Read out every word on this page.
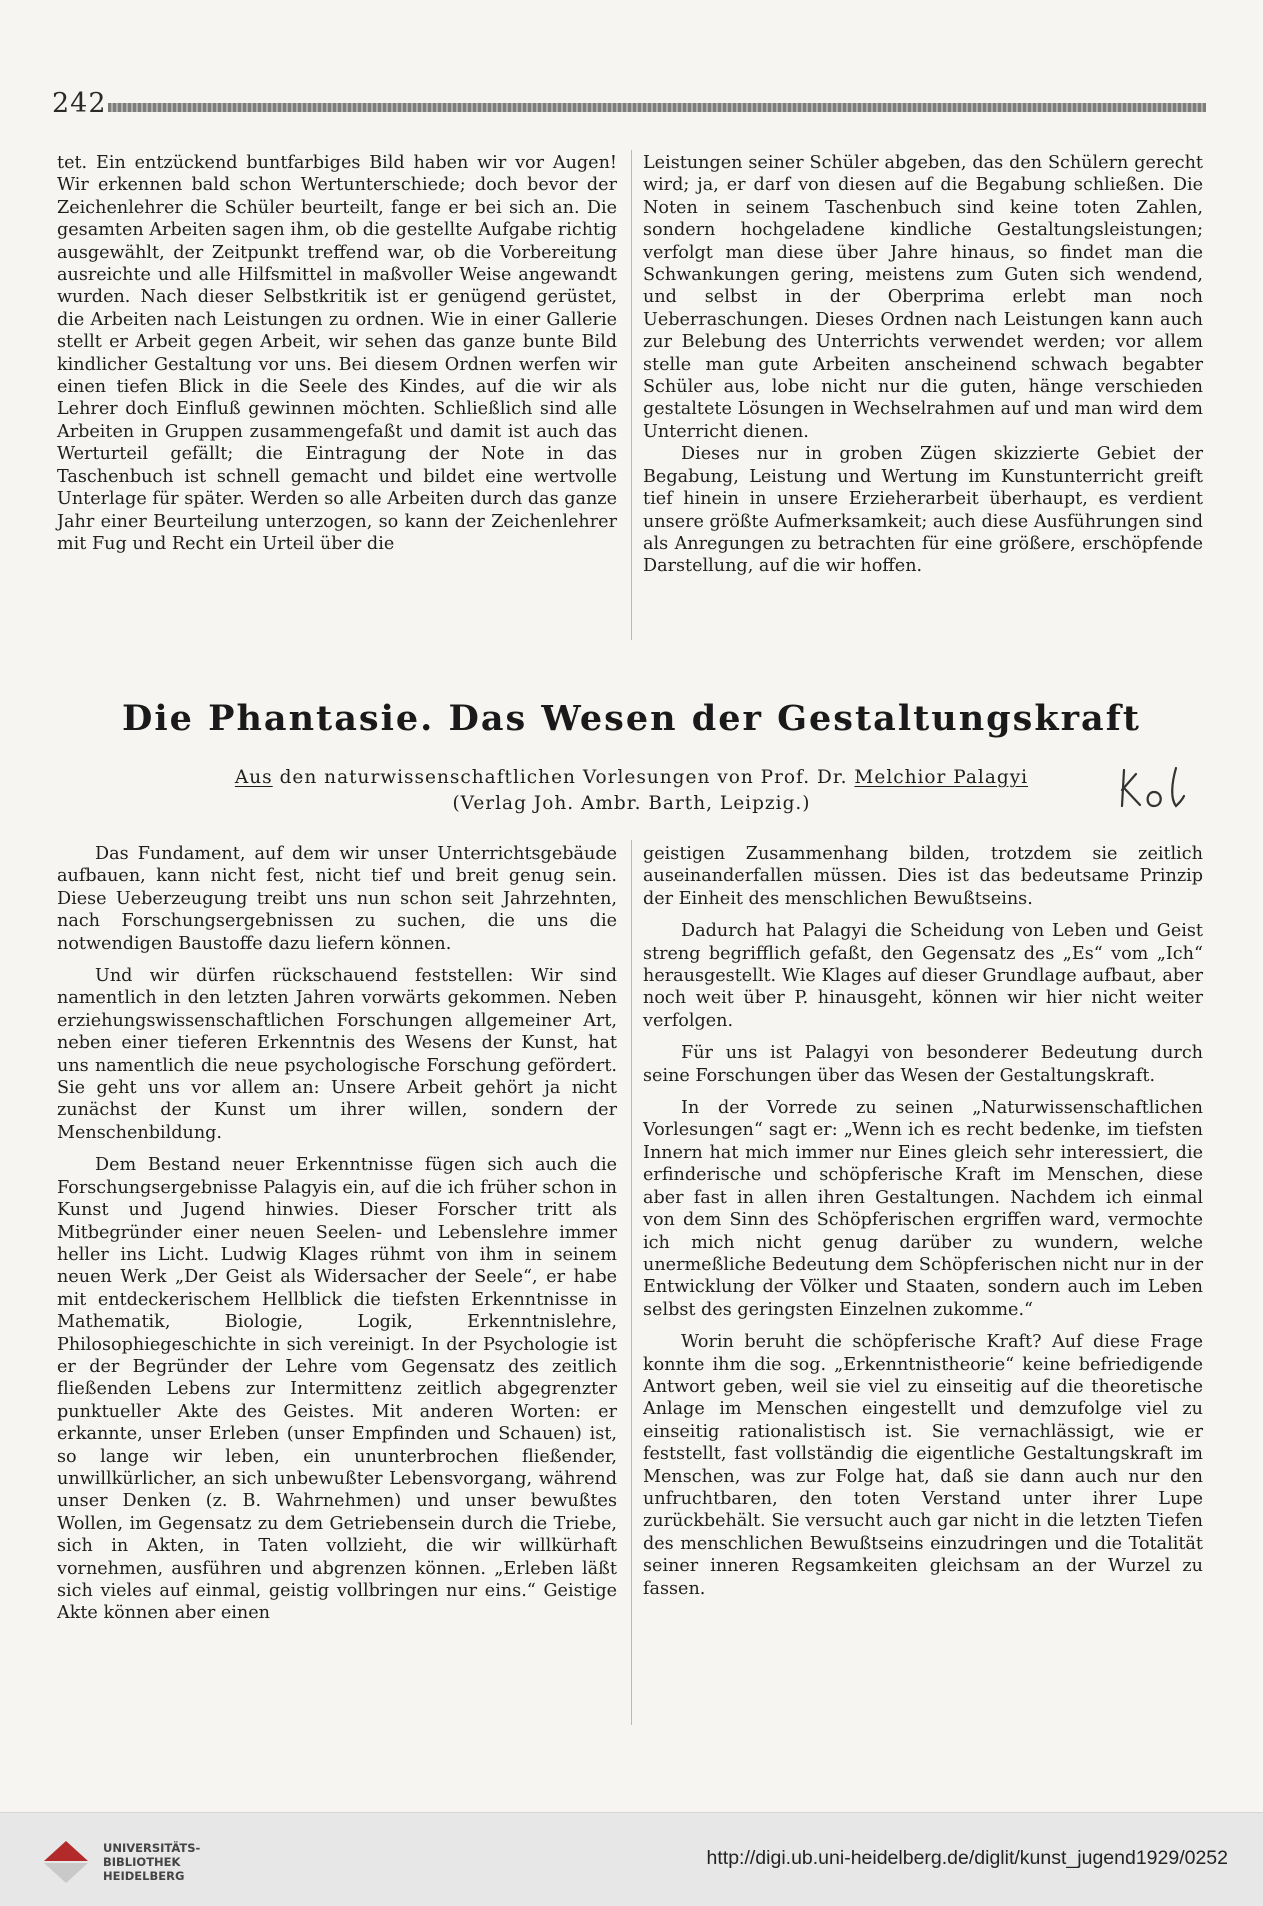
242

tet. Ein entzückend buntfarbiges Bild haben wir vor Augen! Wir erkennen bald schon Wertunterschiede; doch bevor der Zeichenlehrer die Schüler beurteilt, fange er bei sich an. Die gesamten Arbeiten sagen ihm, ob die gestellte Aufgabe richtig ausgewählt, der Zeitpunkt treffend war, ob die Vorbereitung ausreichte und alle Hilfsmittel in maßvoller Weise angewandt wurden. Nach dieser Selbstkritik ist er genügend gerüstet, die Arbeiten nach Leistungen zu ordnen. Wie in einer Gallerie stellt er Arbeit gegen Arbeit, wir sehen das ganze bunte Bild kindlicher Gestaltung vor uns. Bei diesem Ordnen werfen wir einen tiefen Blick in die Seele des Kindes, auf die wir als Lehrer doch Einfluß gewinnen möchten. Schließlich sind alle Arbeiten in Gruppen zusammengefaßt und damit ist auch das Werturteil gefällt; die Eintragung der Note in das Taschenbuch ist schnell gemacht und bildet eine wertvolle Unterlage für später. Werden so alle Arbeiten durch das ganze Jahr einer Beurteilung unterzogen, so kann der Zeichenlehrer mit Fug und Recht ein Urteil über die

Leistungen seiner Schüler abgeben, das den Schülern gerecht wird; ja, er darf von diesen auf die Begabung schließen. Die Noten in seinem Taschenbuch sind keine toten Zahlen, sondern hochgeladene kindliche Gestaltungsleistungen; verfolgt man diese über Jahre hinaus, so findet man die Schwankungen gering, meistens zum Guten sich wendend, und selbst in der Oberprima erlebt man noch Ueberraschungen. Dieses Ordnen nach Leistungen kann auch zur Belebung des Unterrichts verwendet werden; vor allem stelle man gute Arbeiten anscheinend schwach begabter Schüler aus, lobe nicht nur die guten, hänge verschieden gestaltete Lösungen in Wechselrahmen auf und man wird dem Unterricht dienen.

Dieses nur in groben Zügen skizzierte Gebiet der Begabung, Leistung und Wertung im Kunstunterricht greift tief hinein in unsere Erzieherarbeit überhaupt, es verdient unsere größte Aufmerksamkeit; auch diese Ausführungen sind als Anregungen zu betrachten für eine größere, erschöpfende Darstellung, auf die wir hoffen.

Die Phantasie. Das Wesen der Gestaltungskraft
Aus den naturwissenschaftlichen Vorlesungen von Prof. Dr. Melchior Palagyi
(Verlag Joh. Ambr. Barth, Leipzig.)

Das Fundament, auf dem wir unser Unterrichtsgebäude aufbauen, kann nicht fest, nicht tief und breit genug sein. Diese Ueberzeugung treibt uns nun schon seit Jahrzehnten, nach Forschungsergebnissen zu suchen, die uns die notwendigen Baustoffe dazu liefern können.

Und wir dürfen rückschauend feststellen: Wir sind namentlich in den letzten Jahren vorwärts gekommen. Neben erziehungswissenschaftlichen Forschungen allgemeiner Art, neben einer tieferen Erkenntnis des Wesens der Kunst, hat uns namentlich die neue psychologische Forschung gefördert. Sie geht uns vor allem an: Unsere Arbeit gehört ja nicht zunächst der Kunst um ihrer willen, sondern der Menschenbildung.

Dem Bestand neuer Erkenntnisse fügen sich auch die Forschungsergebnisse Palagyis ein, auf die ich früher schon in Kunst und Jugend hinwies. Dieser Forscher tritt als Mitbegründer einer neuen Seelen- und Lebenslehre immer heller ins Licht. Ludwig Klages rühmt von ihm in seinem neuen Werk „Der Geist als Widersacher der Seele“, er habe mit entdeckerischem Hellblick die tiefsten Erkenntnisse in Mathematik, Biologie, Logik, Erkenntnislehre, Philosophiegeschichte in sich vereinigt. In der Psychologie ist er der Begründer der Lehre vom Gegensatz des zeitlich fließenden Lebens zur Intermittenz zeitlich abgegrenzter punktueller Akte des Geistes. Mit anderen Worten: er erkannte, unser Erleben (unser Empfinden und Schauen) ist, so lange wir leben, ein ununterbrochen fließender, unwillkürlicher, an sich unbewußter Lebensvorgang, während unser Denken (z. B. Wahrnehmen) und unser bewußtes Wollen, im Gegensatz zu dem Getriebensein durch die Triebe, sich in Akten, in Taten vollzieht, die wir willkürhaft vornehmen, ausführen und abgrenzen können. „Erleben läßt sich vieles auf einmal, geistig vollbringen nur eins.“ Geistige Akte können aber einen

geistigen Zusammenhang bilden, trotzdem sie zeitlich auseinanderfallen müssen. Dies ist das bedeutsame Prinzip der Einheit des menschlichen Bewußtseins.

Dadurch hat Palagyi die Scheidung von Leben und Geist streng begrifflich gefaßt, den Gegensatz des „Es“ vom „Ich“ herausgestellt. Wie Klages auf dieser Grundlage aufbaut, aber noch weit über P. hinausgeht, können wir hier nicht weiter verfolgen.

Für uns ist Palagyi von besonderer Bedeutung durch seine Forschungen über das Wesen der Gestaltungskraft.

In der Vorrede zu seinen „Naturwissenschaftlichen Vorlesungen“ sagt er: „Wenn ich es recht bedenke, im tiefsten Innern hat mich immer nur Eines gleich sehr interessiert, die erfinderische und schöpferische Kraft im Menschen, diese aber fast in allen ihren Gestaltungen. Nachdem ich einmal von dem Sinn des Schöpferischen ergriffen ward, vermochte ich mich nicht genug darüber zu wundern, welche unermeßliche Bedeutung dem Schöpferischen nicht nur in der Entwicklung der Völker und Staaten, sondern auch im Leben selbst des geringsten Einzelnen zukomme.“

Worin beruht die schöpferische Kraft? Auf diese Frage konnte ihm die sog. „Erkenntnistheorie“ keine befriedigende Antwort geben, weil sie viel zu einseitig auf die theoretische Anlage im Menschen eingestellt und demzufolge viel zu einseitig rationalistisch ist. Sie vernachlässigt, wie er feststellt, fast vollständig die eigentliche Gestaltungskraft im Menschen, was zur Folge hat, daß sie dann auch nur den unfruchtbaren, den toten Verstand unter ihrer Lupe zurückbehält. Sie versucht auch gar nicht in die letzten Tiefen des menschlichen Bewußtseins einzudringen und die Totalität seiner inneren Regsamkeiten gleichsam an der Wurzel zu fassen.

UNIVERSITÄTS-
BIBLIOTHEK
HEIDELBERG
http://digi.ub.uni-heidelberg.de/diglit/kunst_jugend1929/0252
